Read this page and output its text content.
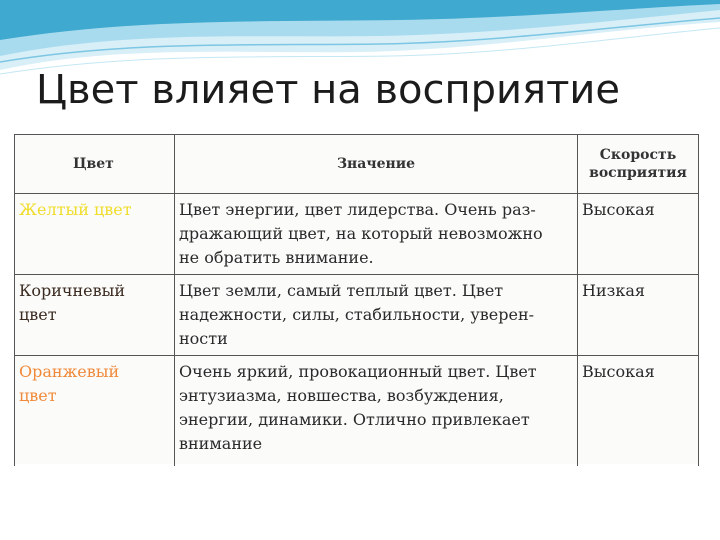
Цвет влияет на восприятие
Цвет	Значение	Скорость
восприятия
Желтый цвет	Цвет энергии, цвет лидерства. Очень раз-
дражающий цвет, на который невозможно
не обратить внимание.	Высокая
Коричневый
цвет	Цвет земли, самый теплый цвет. Цвет
надежности, силы, стабильности, уверен-
ности	Низкая
Оранжевый
цвет	Очень яркий, провокационный цвет. Цвет
энтузиазма, новшества, возбуждения,
энергии, динамики. Отлично привлекает
внимание	Высокая
